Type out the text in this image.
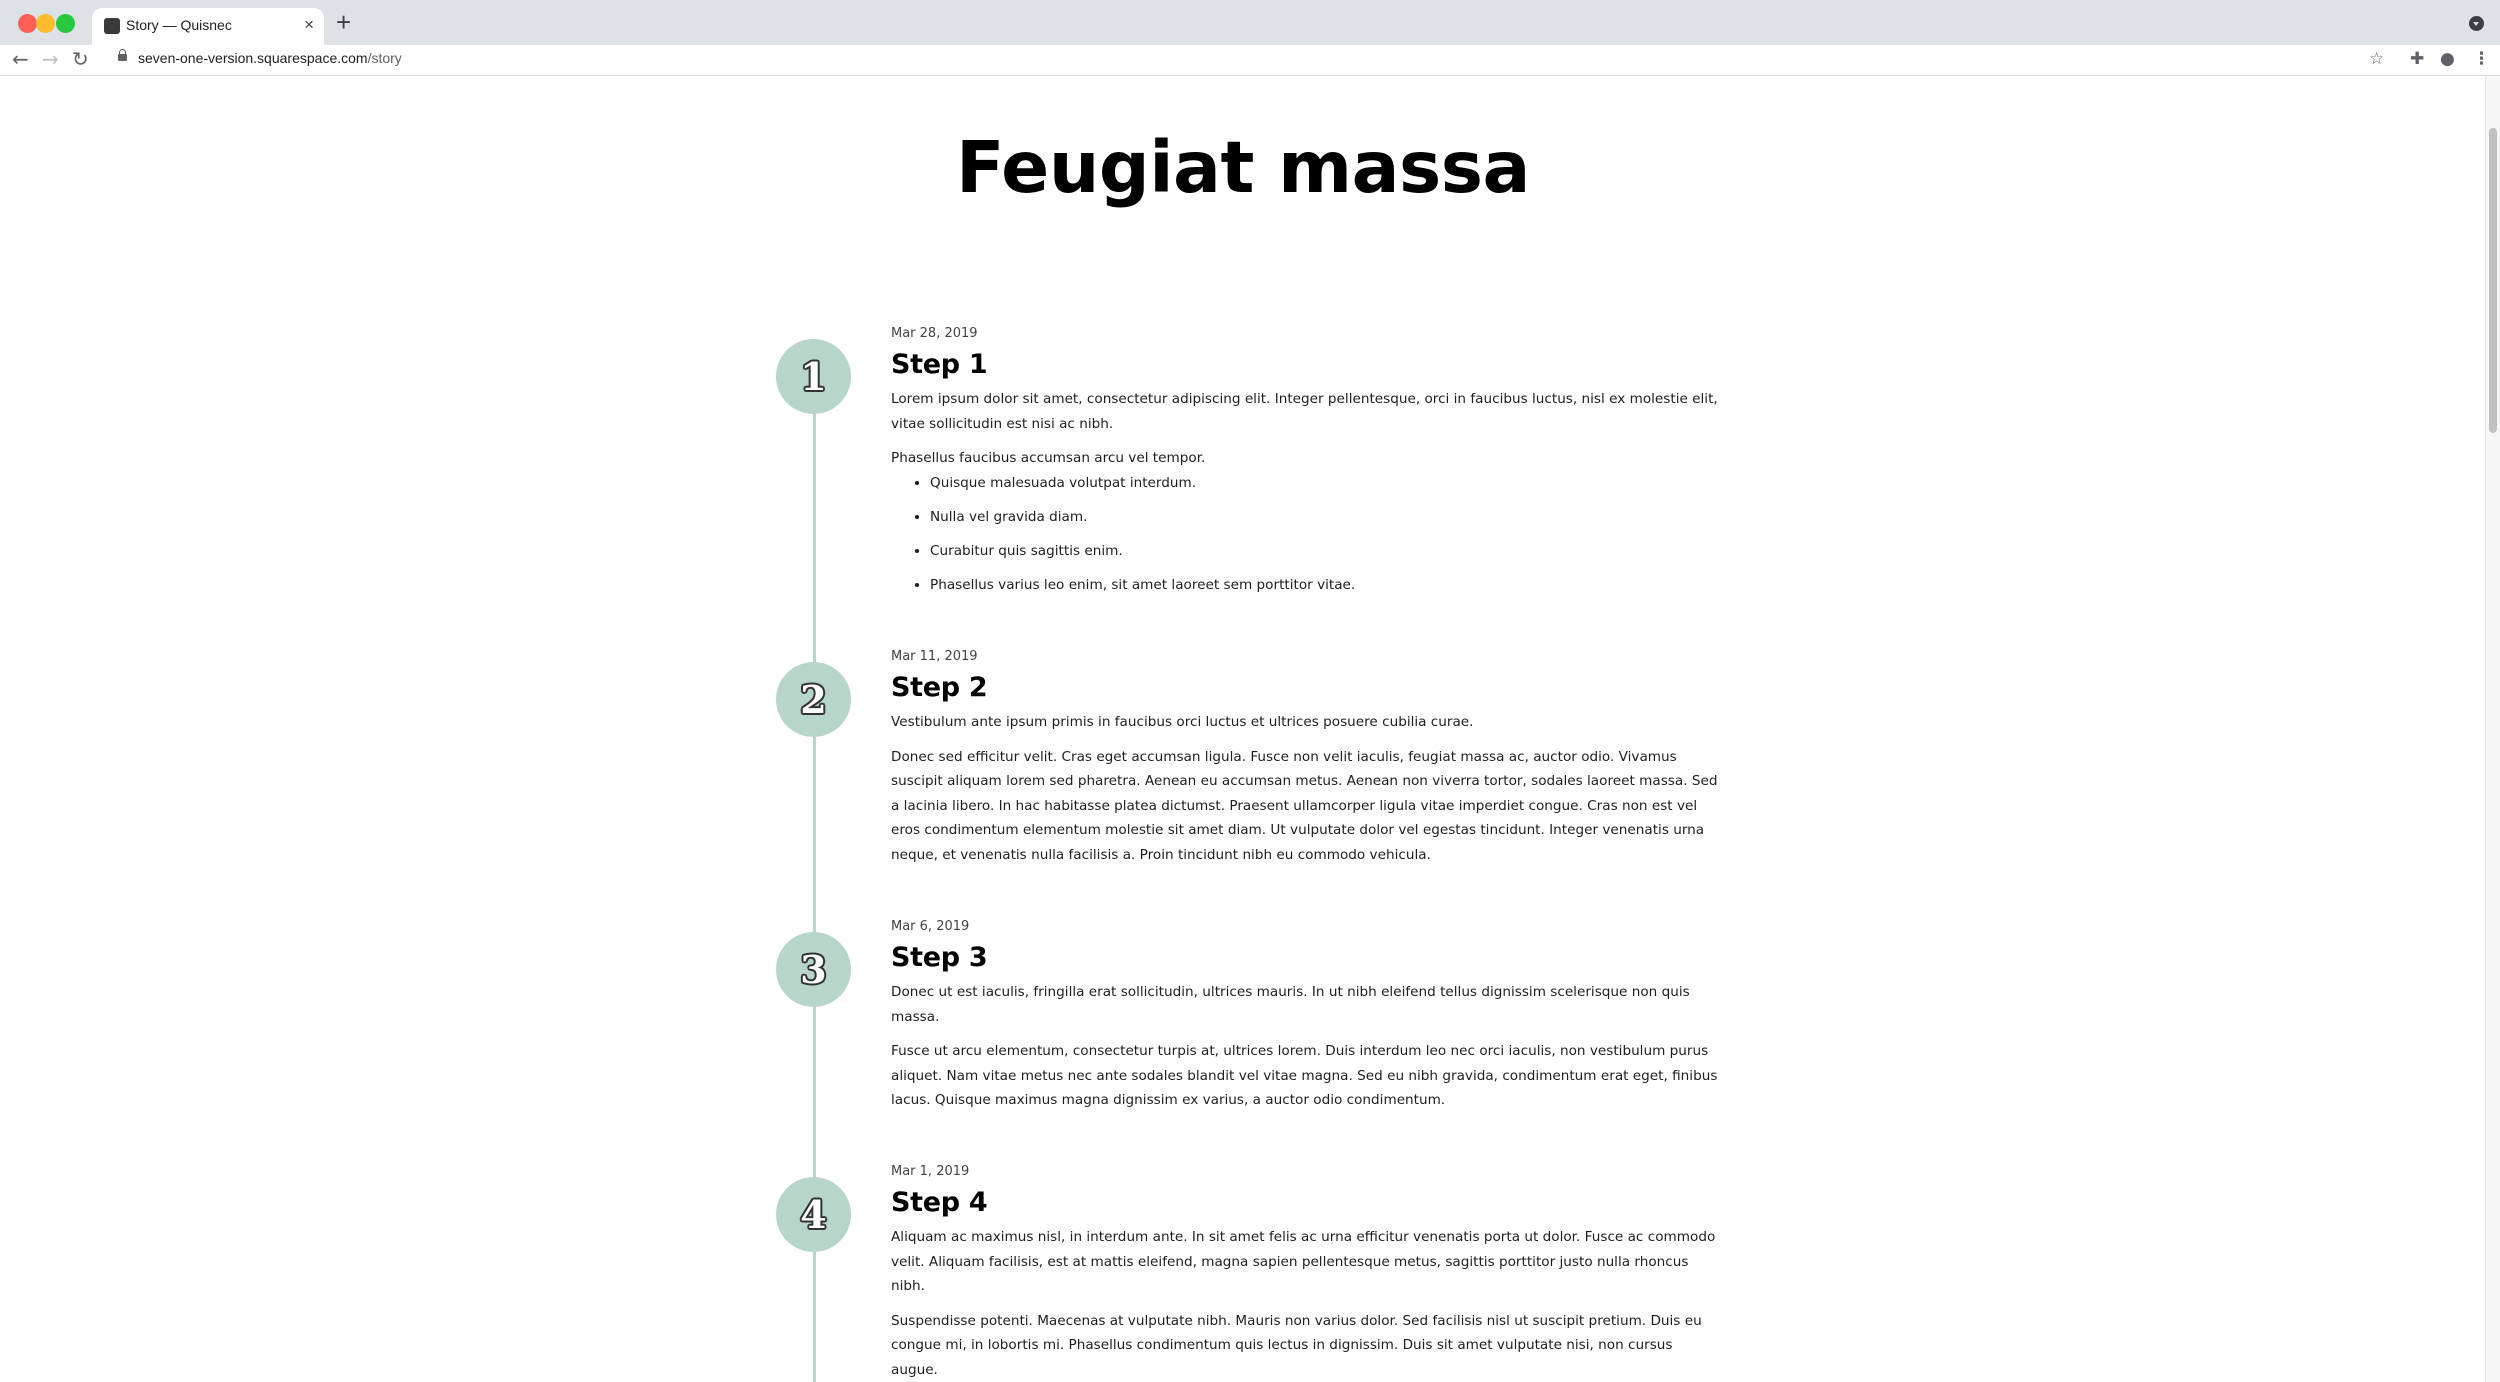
Story — Quisnec	× +
← → ↻	seven-one-version.squarespace.com/story	☆ ✚ ● ⋮
Feugiat massa
1

Mar 28, 2019

Step 1

Lorem ipsum dolor sit amet, consectetur adipiscing elit. Integer pellentesque, orci in faucibus luctus, nisl ex molestie elit, vitae sollicitudin est nisi ac nibh.

Phasellus faucibus accumsan arcu vel tempor.

• Quisque malesuada volutpat interdum.
• Nulla vel gravida diam.
• Curabitur quis sagittis enim.
• Phasellus varius leo enim, sit amet laoreet sem porttitor vitae.
2

Mar 11, 2019

Step 2

Vestibulum ante ipsum primis in faucibus orci luctus et ultrices posuere cubilia curae.

Donec sed efficitur velit. Cras eget accumsan ligula. Fusce non velit iaculis, feugiat massa ac, auctor odio. Vivamus suscipit aliquam lorem sed pharetra. Aenean eu accumsan metus. Aenean non viverra tortor, sodales laoreet massa. Sed a lacinia libero. In hac habitasse platea dictumst. Praesent ullamcorper ligula vitae imperdiet congue. Cras non est vel eros condimentum elementum molestie sit amet diam. Ut vulputate dolor vel egestas tincidunt. Integer venenatis urna neque, et venenatis nulla facilisis a. Proin tincidunt nibh eu commodo vehicula.

3

Mar 6, 2019

Step 3

Donec ut est iaculis, fringilla erat sollicitudin, ultrices mauris. In ut nibh eleifend tellus dignissim scelerisque non quis massa.

Fusce ut arcu elementum, consectetur turpis at, ultrices lorem. Duis interdum leo nec orci iaculis, non vestibulum purus aliquet. Nam vitae metus nec ante sodales blandit vel vitae magna. Sed eu nibh gravida, condimentum erat eget, finibus lacus. Quisque maximus magna dignissim ex varius, a auctor odio condimentum.

4

Mar 1, 2019

Step 4

Aliquam ac maximus nisl, in interdum ante. In sit amet felis ac urna efficitur venenatis porta ut dolor. Fusce ac commodo velit. Aliquam facilisis, est at mattis eleifend, magna sapien pellentesque metus, sagittis porttitor justo nulla rhoncus nibh.

Suspendisse potenti. Maecenas at vulputate nibh. Mauris non varius dolor. Sed facilisis nisl ut suscipit pretium. Duis eu congue mi, in lobortis mi. Phasellus condimentum quis lectus in dignissim. Duis sit amet vulputate nisi, non cursus augue.
